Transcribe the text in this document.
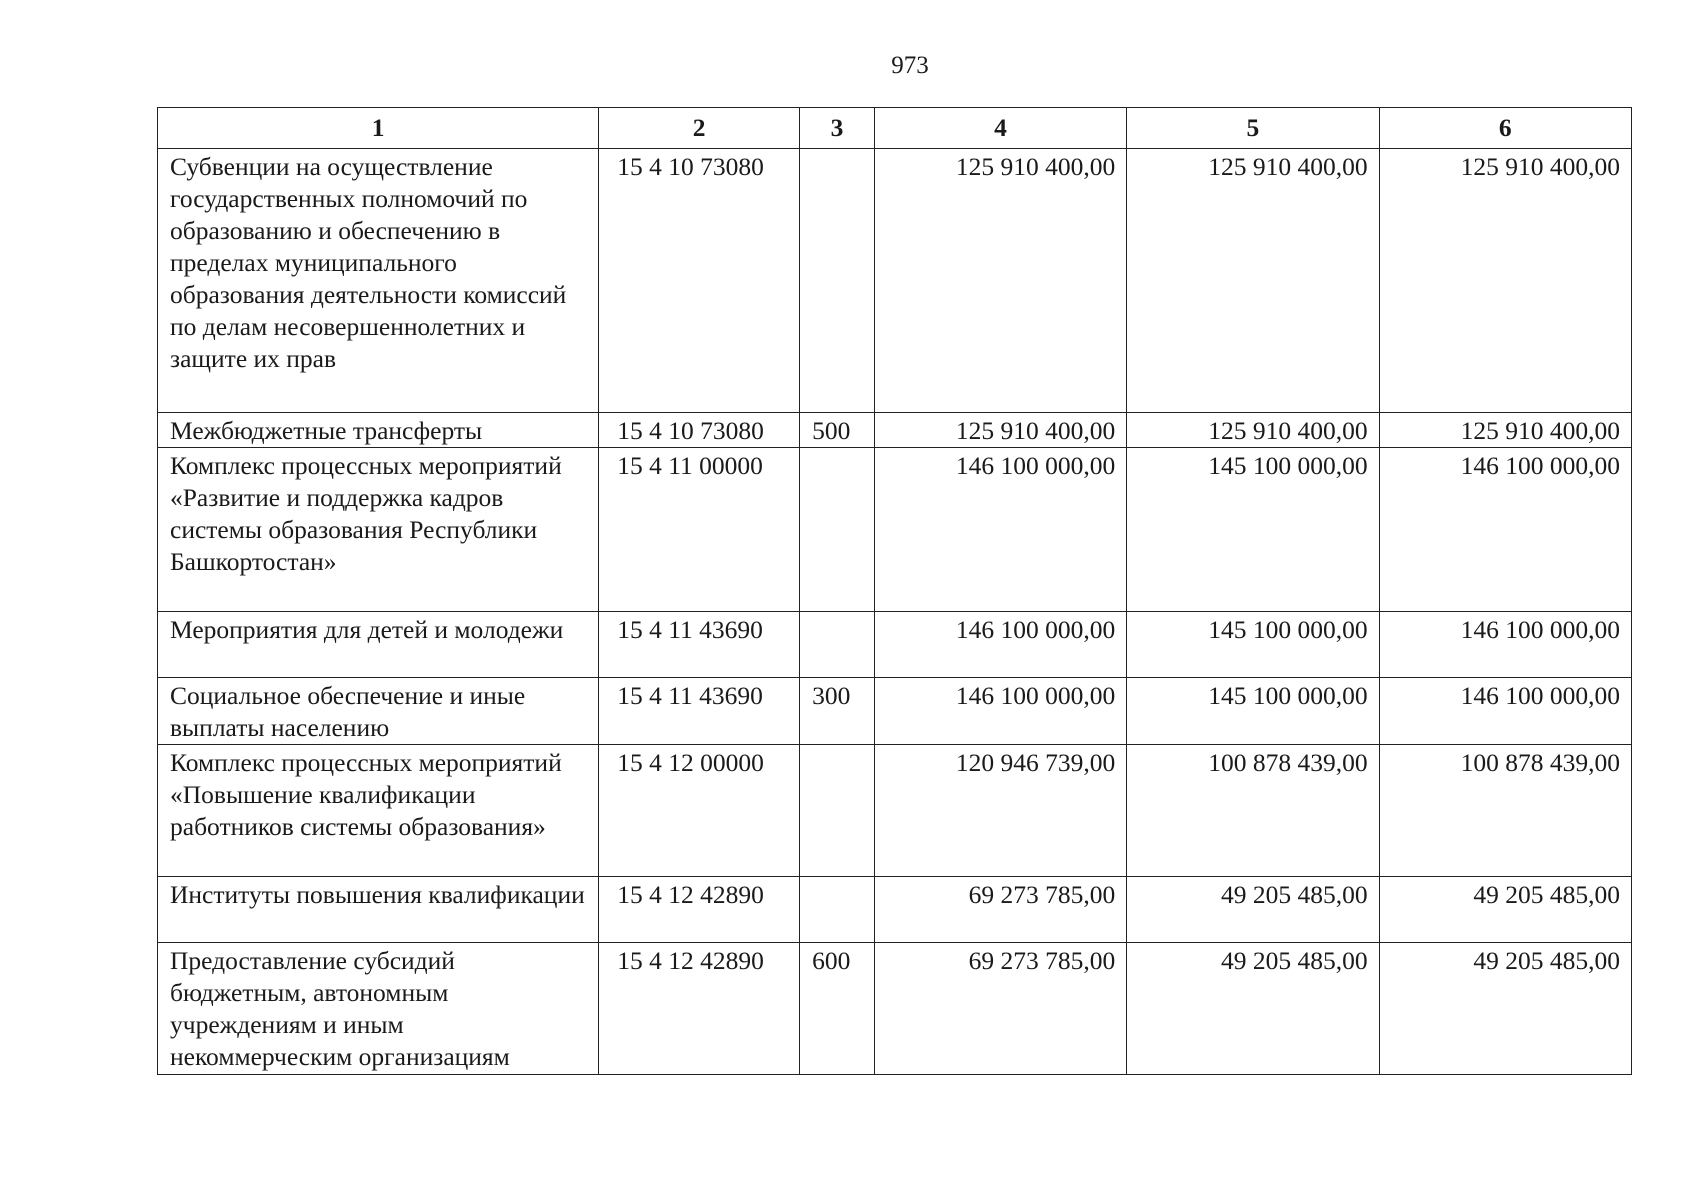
973
1	2	3	4	5	6
Субвенции на осуществление государственных полномочий по образованию и обеспечению в пределах муниципального образования деятельности комиссий по делам несовершеннолетних и защите их прав	15 4 10 73080		125 910 400,00	125 910 400,00	125 910 400,00
Межбюджетные трансферты	15 4 10 73080	500	125 910 400,00	125 910 400,00	125 910 400,00
Комплекс процессных мероприятий «Развитие и поддержка кадров системы образования Республики Башкортостан»	15 4 11 00000		146 100 000,00	145 100 000,00	146 100 000,00
Мероприятия для детей и молодежи	15 4 11 43690		146 100 000,00	145 100 000,00	146 100 000,00
Социальное обеспечение и иные выплаты населению	15 4 11 43690	300	146 100 000,00	145 100 000,00	146 100 000,00
Комплекс процессных мероприятий «Повышение квалификации работников системы образования»	15 4 12 00000		120 946 739,00	100 878 439,00	100 878 439,00
Институты повышения квалификации	15 4 12 42890		69 273 785,00	49 205 485,00	49 205 485,00
Предоставление субсидий бюджетным, автономным учреждениям и иным некоммерческим организациям	15 4 12 42890	600	69 273 785,00	49 205 485,00	49 205 485,00
